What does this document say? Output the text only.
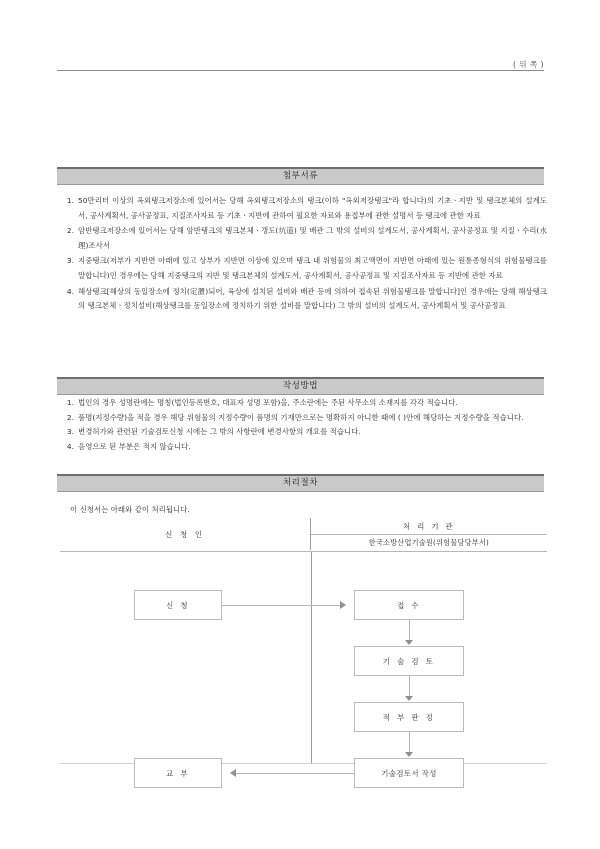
( 뒤 쪽 )
첨부서류
1. 50만리터 이상의 옥외탱크저장소에 있어서는 당해 옥외탱크저장소의 탱크(이하 "옥외저장탱크"라 합니다)의 기초ㆍ지반 및 탱크본체의 설계도서, 공사계획서, 공사공정표, 지질조사자료 등 기초ㆍ지반에 관하여 필요한 자료와 용접부에 관한 설명서 등 탱크에 관한 자료
2. 암반탱크저장소에 있어서는 당해 암반탱크의 탱크본체ㆍ갱도(坑道) 및 배관 그 밖의 설비의 설계도서, 공사계획서, 공사공정표 및 지질ㆍ수리(水理)조사서
3. 지중탱크(저부가 지반면 아래에 있고 상부가 지반면 이상에 있으며 탱크 내 위험물의 최고액면이 지반면 아래에 있는 원통종형식의 위험물탱크를 말합니다)인 경우에는 당해 지중탱크의 지반 및 탱크본체의 설계도서, 공사계획서, 공사공정표 및 지질조사자료 등 지반에 관한 자료
4. 해상탱크[해상의 동일장소에 정치(定置)되어, 육상에 설치된 설비와 배관 등에 의하여 접속된 위험물탱크를 말합니다]인 경우에는 당해 해상탱크의 탱크본체ㆍ정치설비(해상탱크를 동일장소에 정치하기 위한 설비를 말합니다) 그 밖의 설비의 설계도서, 공사계획서 및 공사공정표
작성방법
1. 법인의 경우 성명란에는 명칭(법인등록번호, 대표자 성명 포함)을, 주소란에는 주된 사무소의 소재지를 각각 적습니다.
2. 품명(지정수량)을 적을 경우 해당 위험물의 지정수량이 품명의 기재만으로는 명확하지 아니한 때에 ( )안에 해당하는 지정수량을 적습니다.
3. 변경허가와 관련된 기술검토신청 시에는 그 밖의 사항란에 변경사항의 개요를 적습니다.
4. 음영으로 된 부분은 적지 않습니다.
처리절차
이 신청서는 아래와 같이 처리됩니다.
신 청 인
처 리 기 관
한국소방산업기술원(위험물담당부서)
신 청	접 수
기 술 검 토
적 부 판 정
기술검토서 작성
교 부
